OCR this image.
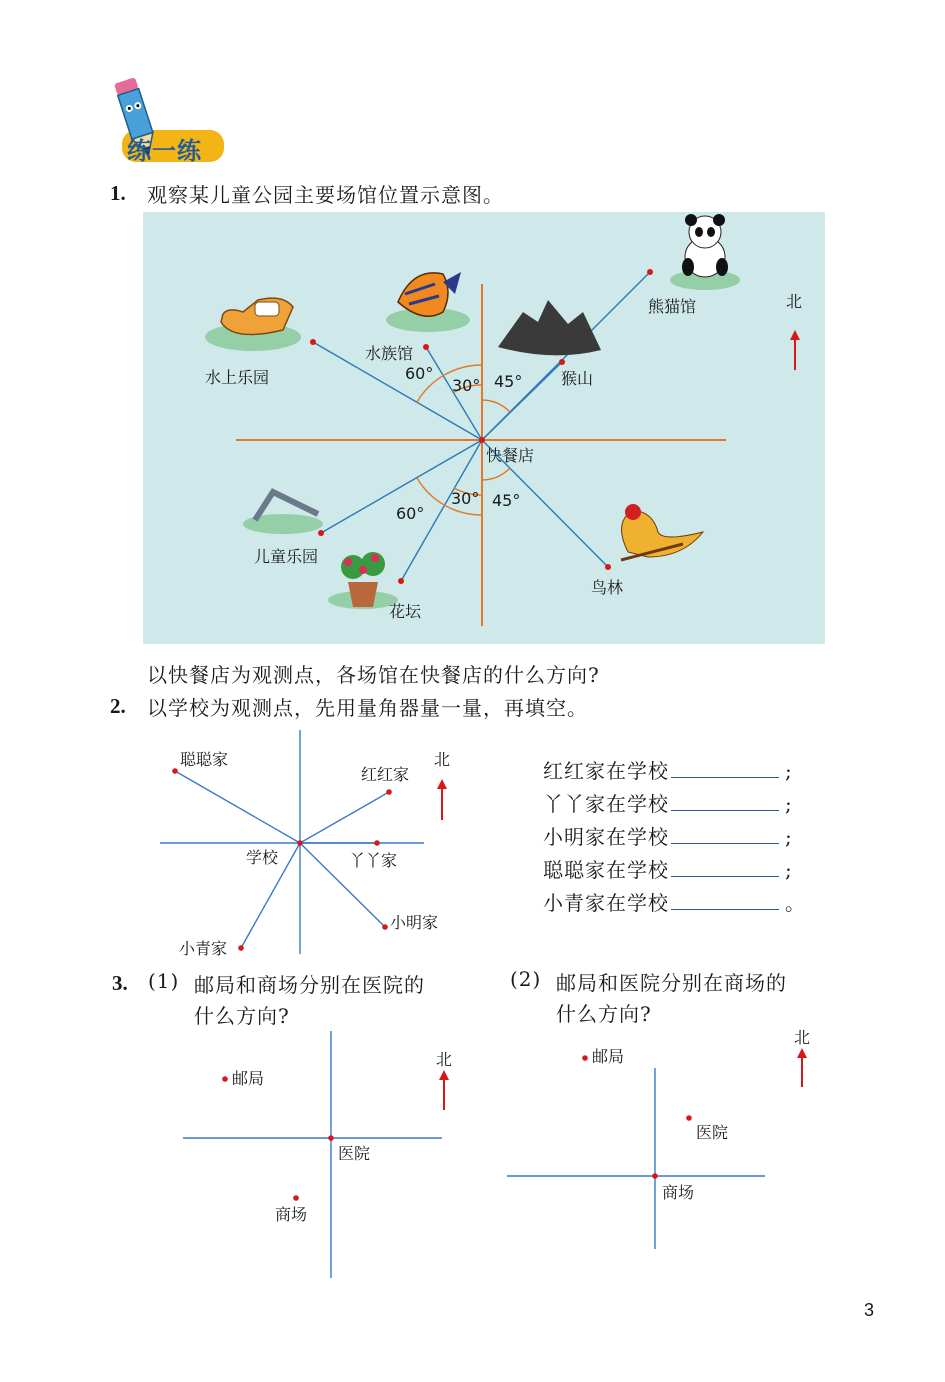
练一练
1. 观察某儿童公园主要场馆位置示意图。
水上乐园
水族馆
猴山
熊猫馆
儿童乐园
花坛
鸟林
快餐店
北
60°
30° 45°
60°
30° 45°
以快餐店为观测点，各场馆在快餐店的什么方向?
2. 以学校为观测点，先用量角器量一量，再填空。
聪聪家
红红家
丫丫家
小明家
小青家
学校
北	红红家在学校	;
丫丫家在学校	;
小明家在学校	;
聪聪家在学校	;
小青家在学校	。
3. (1) 邮局和商场分别在医院的
什么方向?
(2) 邮局和医院分别在商场的
什么方向?
邮局
医院
商场
北	邮局
医院
商场
北
3
